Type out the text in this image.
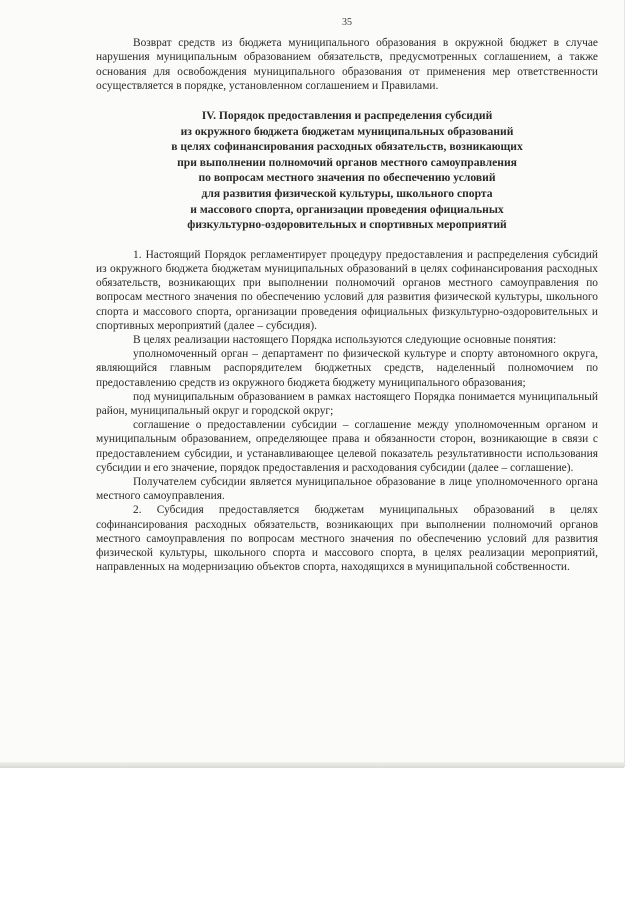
35

Возврат средств из бюджета муниципального образования в окружной бюджет в случае нарушения муниципальным образованием обязательств, предусмотренных соглашением, а также основания для освобождения муниципального образования от применения мер ответственности осуществляется в порядке, установленном соглашением и Правилами.

IV. Порядок предоставления и распределения субсидий
из окружного бюджета бюджетам муниципальных образований
в целях софинансирования расходных обязательств, возникающих
при выполнении полномочий органов местного самоуправления
по вопросам местного значения по обеспечению условий
для развития физической культуры, школьного спорта
и массового спорта, организации проведения официальных
физкультурно-оздоровительных и спортивных мероприятий

1. Настоящий Порядок регламентирует процедуру предоставления и распределения субсидий из окружного бюджета бюджетам муниципальных образований в целях софинансирования расходных обязательств, возникающих при выполнении полномочий органов местного самоуправления по вопросам местного значения по обеспечению условий для развития физической культуры, школьного спорта и массового спорта, организации проведения официальных физкультурно-оздоровительных и спортивных мероприятий (далее – субсидия).

В целях реализации настоящего Порядка используются следующие основные понятия:

уполномоченный орган – департамент по физической культуре и спорту автономного округа, являющийся главным распорядителем бюджетных средств, наделенный полномочием по предоставлению средств из окружного бюджета бюджету муниципального образования;

под муниципальным образованием в рамках настоящего Порядка понимается муниципальный район, муниципальный округ и городской округ;

соглашение о предоставлении субсидии – соглашение между уполномоченным органом и муниципальным образованием, определяющее права и обязанности сторон, возникающие в связи с предоставлением субсидии, и устанавливающее целевой показатель результативности использования субсидии и его значение, порядок предоставления и расходования субсидии (далее – соглашение).

Получателем субсидии является муниципальное образование в лице уполномоченного органа местного самоуправления.

2. Субсидия предоставляется бюджетам муниципальных образований в целях софинансирования расходных обязательств, возникающих при выполнении полномочий органов местного самоуправления по вопросам местного значения по обеспечению условий для развития физической культуры, школьного спорта и массового спорта, в целях реализации мероприятий, направленных на модернизацию объектов спорта, находящихся в муниципальной собственности.
